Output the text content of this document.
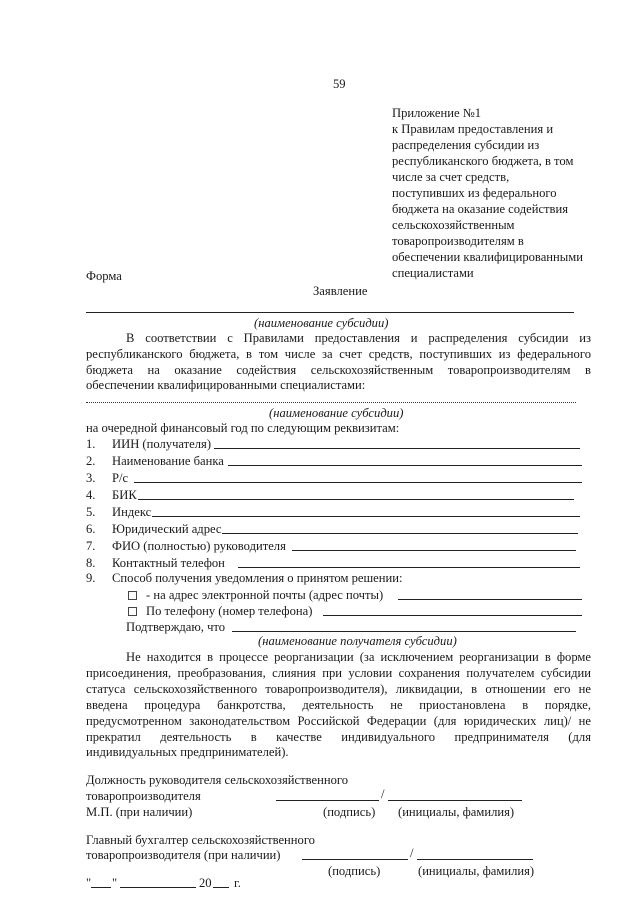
59
Приложение №1
к Правилам предоставления и
распределения субсидии из
республиканского бюджета, в том
числе за счет средств,
поступивших из федерального
бюджета на оказание содействия
сельскохозяйственным
товаропроизводителям в
обеспечении квалифицированными
специалистами
Форма
Заявление
(наименование субсидии)
В соответствии с Правилами предоставления и распределения субсидии из
республиканского бюджета, в том числе за счет средств, поступивших из федерального
бюджета на оказание содействия сельскохозяйственным товаропроизводителям в
обеспечении квалифицированными специалистами:
(наименование субсидии)
на очередной финансовый год по следующим реквизитам:
1. ИИН (получателя)
2. Наименование банка
3. Р/с
4. БИК
5. Индекс
6. Юридический адрес
7. ФИО (полностью) руководителя
8. Контактный телефон
9. Способ получения уведомления о принятом решении:
- на адрес электронной почты (адрес почты)
По телефону (номер телефона)
Подтверждаю, что
(наименование получателя субсидии)
Не находится в процессе реорганизации (за исключением реорганизации в форме
присоединения, преобразования, слияния при условии сохранения получателем субсидии
статуса сельскохозяйственного товаропроизводителя), ликвидации, в отношении его не
введена процедура банкротства, деятельность не приостановлена в порядке,
предусмотренном законодательством Российской Федерации (для юридических лиц)/ не
прекратил деятельность в качестве индивидуального предпринимателя (для
индивидуальных предпринимателей).
Должность руководителя сельскохозяйственного
товаропроизводителя	/
М.П. (при наличии)	(подпись) (инициалы, фамилия)
Главный бухгалтер сельскохозяйственного
товаропроизводителя (при наличии)	/
(подпись)	(инициалы, фамилия)
" "	20 г.
